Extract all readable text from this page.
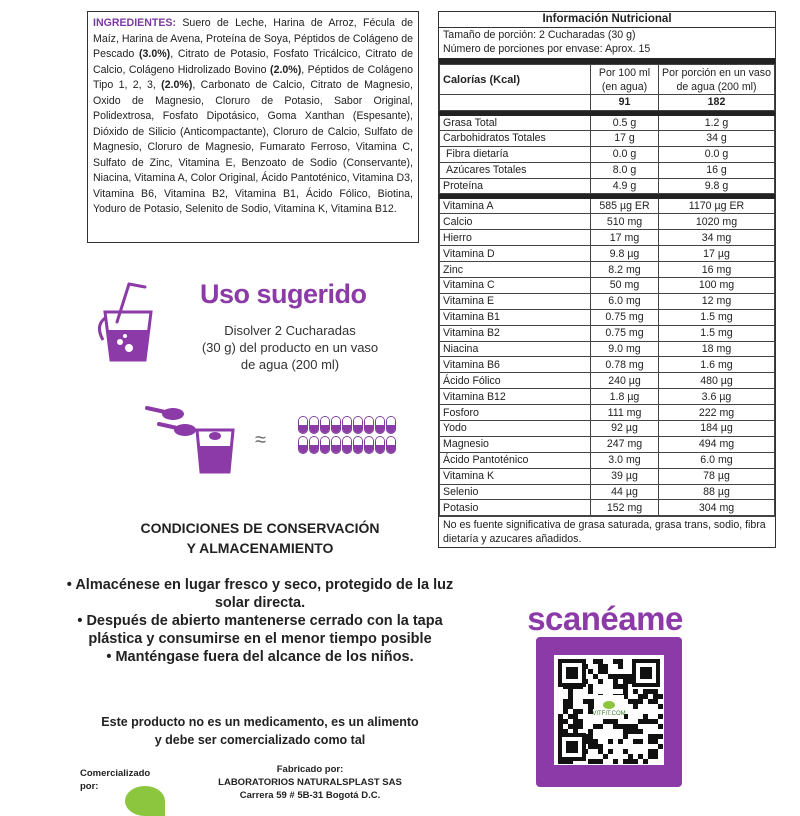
INGREDIENTES: Suero de Leche, Harina de Arroz, Fécula de Maíz, Harina de Avena, Proteína de Soya, Péptidos de Colágeno de Pescado (3.0%), Citrato de Potasio, Fosfato Tricálcico, Citrato de Calcio, Colágeno Hidrolizado Bovino (2.0%), Péptidos de Colágeno Tipo 1, 2, 3, (2.0%), Carbonato de Calcio, Citrato de Magnesio, Oxido de Magnesio, Cloruro de Potasio, Sabor Original, Polidextrosa, Fosfato Dipotásico, Goma Xanthan (Espesante), Dióxido de Silicio (Anticompactante), Cloruro de Calcio, Sulfato de Magnesio, Cloruro de Magnesio, Fumarato Ferroso, Vitamina C, Sulfato de Zinc, Vitamina E, Benzoato de Sodio (Conservante), Niacina, Vitamina A, Color Original, Ácido Pantoténico, Vitamina D3, Vitamina B6, Vitamina B2, Vitamina B1, Ácido Fólico, Biotina, Yoduro de Potasio, Selenito de Sodio, Vitamina K, Vitamina B12.
Información Nutricional
Tamaño de porción: 2 Cucharadas (30 g)
Número de porciones por envase: Aprox. 15
Calorías (Kcal)	Por 100 ml (en agua)	Por porción en un vaso de agua (200 ml)
	91	182
Grasa Total	0.5 g	1.2 g
Carbohidratos Totales	17 g	34 g
Fibra dietaría	0.0 g	0.0 g
Azúcares Totales	8.0 g	16 g
Proteína	4.9 g	9.8 g
Vitamina A	585 µg ER	1170 µg ER
Calcio	510 mg	1020 mg
Hierro	17 mg	34 mg
Vitamina D	9.8 µg	17 µg
Zinc	8.2 mg	16 mg
Vitamina C	50 mg	100 mg
Vitamina E	6.0 mg	12 mg
Vitamina B1	0.75 mg	1.5 mg
Vitamina B2	0.75 mg	1.5 mg
Niacina	9.0 mg	18 mg
Vitamina B6	0.78 mg	1.6 mg
Ácido Fólico	240 µg	480 µg
Vitamina B12	1.8 µg	3.6 µg
Fosforo	111 mg	222 mg
Yodo	92 µg	184 µg
Magnesio	247 mg	494 mg
Ácido Pantoténico	3.0 mg	6.0 mg
Vitamina K	39 µg	78 µg
Selenio	44 µg	88 µg
Potasio	152 mg	304 mg
No es fuente significativa de grasa saturada, grasa trans, sodio, fibra dietaría y azucares añadidos.
Uso sugerido
Disolver 2 Cucharadas
(30 g) del producto en un vaso
de agua (200 ml)
≈
CONDICIONES DE CONSERVACIÓN
Y ALMACENAMIENTO
• Almacénese en lugar fresco y seco, protegido de la luz solar directa.
• Después de abierto mantenerse cerrado con la tapa plástica y consumirse en el menor tiempo posible
• Manténgase fuera del alcance de los niños.
Este producto no es un medicamento, es un alimento
y debe ser comercializado como tal
Comercializado
por:
Fabricado por:
LABORATORIOS NATURALSPLAST SAS
Carrera 59 # 5B-31 Bogotá D.C.
scanéame
VITFIT.COM
